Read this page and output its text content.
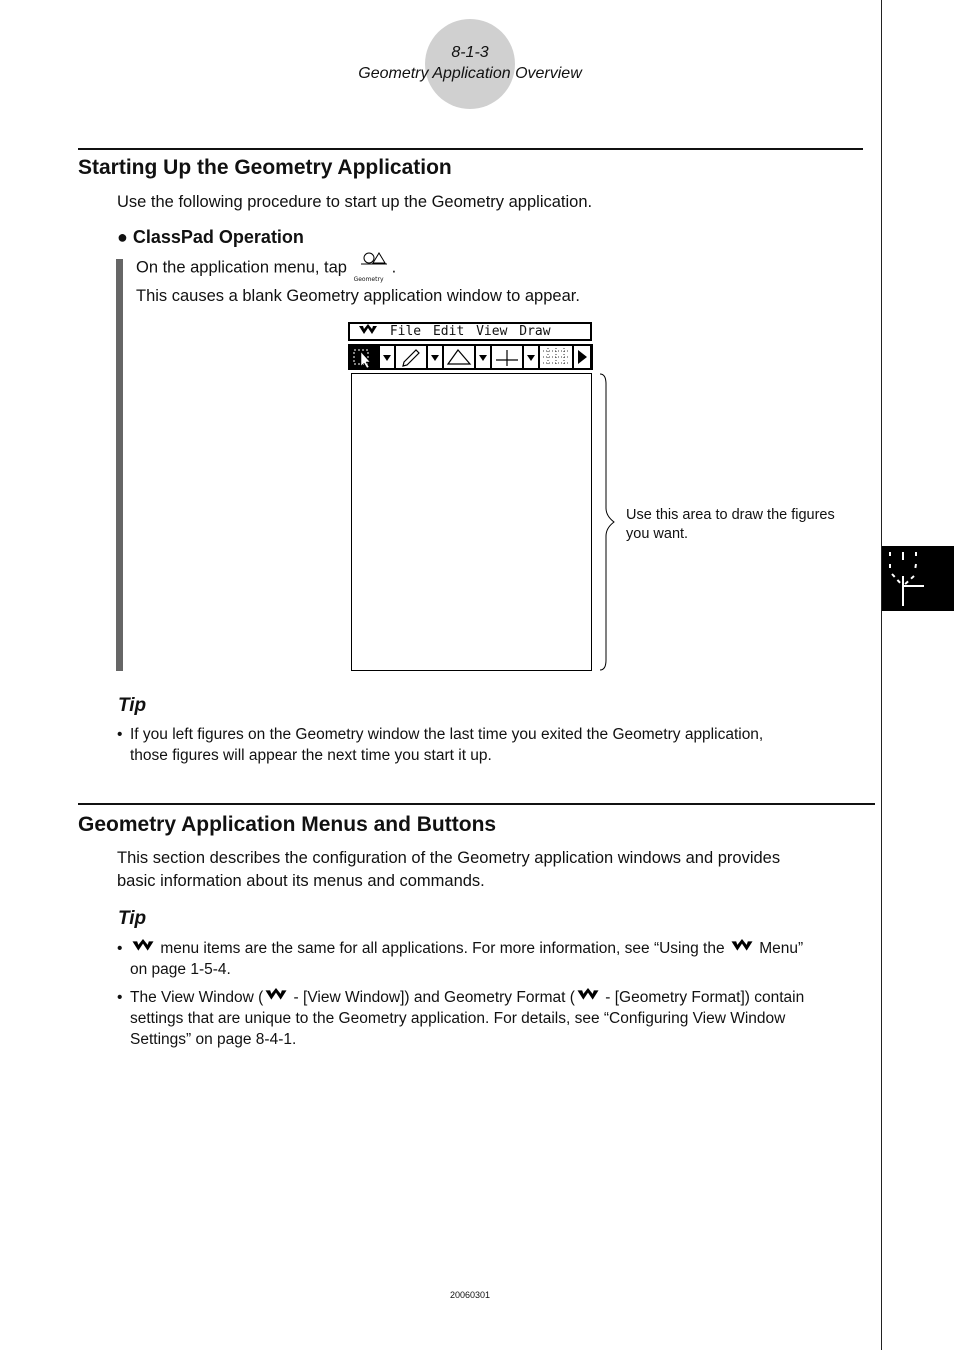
8-1-3
Geometry Application Overview
Starting Up the Geometry Application
Use the following procedure to start up the Geometry application.
● ClassPad Operation
On the application menu, tap
Geometry
.
This causes a blank Geometry application window to appear.
File Edit View Draw
Use this area to draw the figures
you want.
Tip
• If you left figures on the Geometry window the last time you exited the Geometry application,
those figures will appear the next time you start it up.
Geometry Application Menus and Buttons
This section describes the configuration of the Geometry application windows and provides
basic information about its menus and commands.
Tip
•	menu items are the same for all applications. For more information, see “Using the Menu”
on page 1-5-4.
• The View Window ( - [View Window]) and Geometry Format ( - [Geometry Format]) contain
settings that are unique to the Geometry application. For details, see “Configuring View Window
Settings” on page 8-4-1.
20060301
